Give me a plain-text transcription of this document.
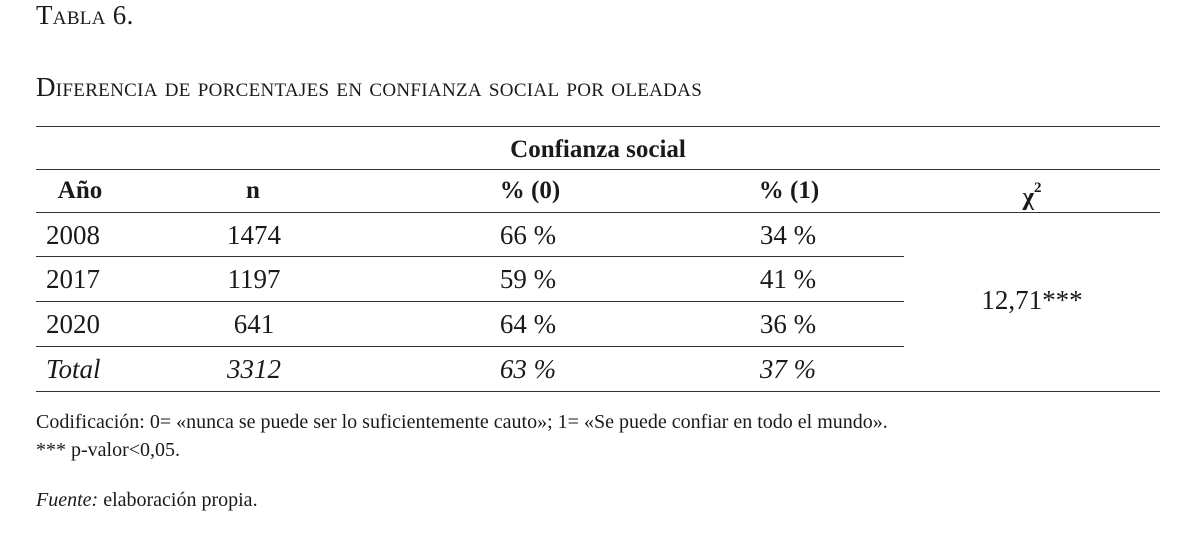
Tabla 6.
Diferencia de porcentajes en confianza social por oleadas
Confianza social
Año	n	% (0)	% (1)	$\chi^2$
2008	1474	66 %	34 %
2017	1197	59 %	41 %
2020	641	64 %	36 %
Total	3312	63 %	37 %
12,71***
Codificación: 0= «nunca se puede ser lo suficientemente cauto»; 1= «Se puede confiar en todo el mundo».
*** p-valor<0,05.
Fuente: elaboración propia.
